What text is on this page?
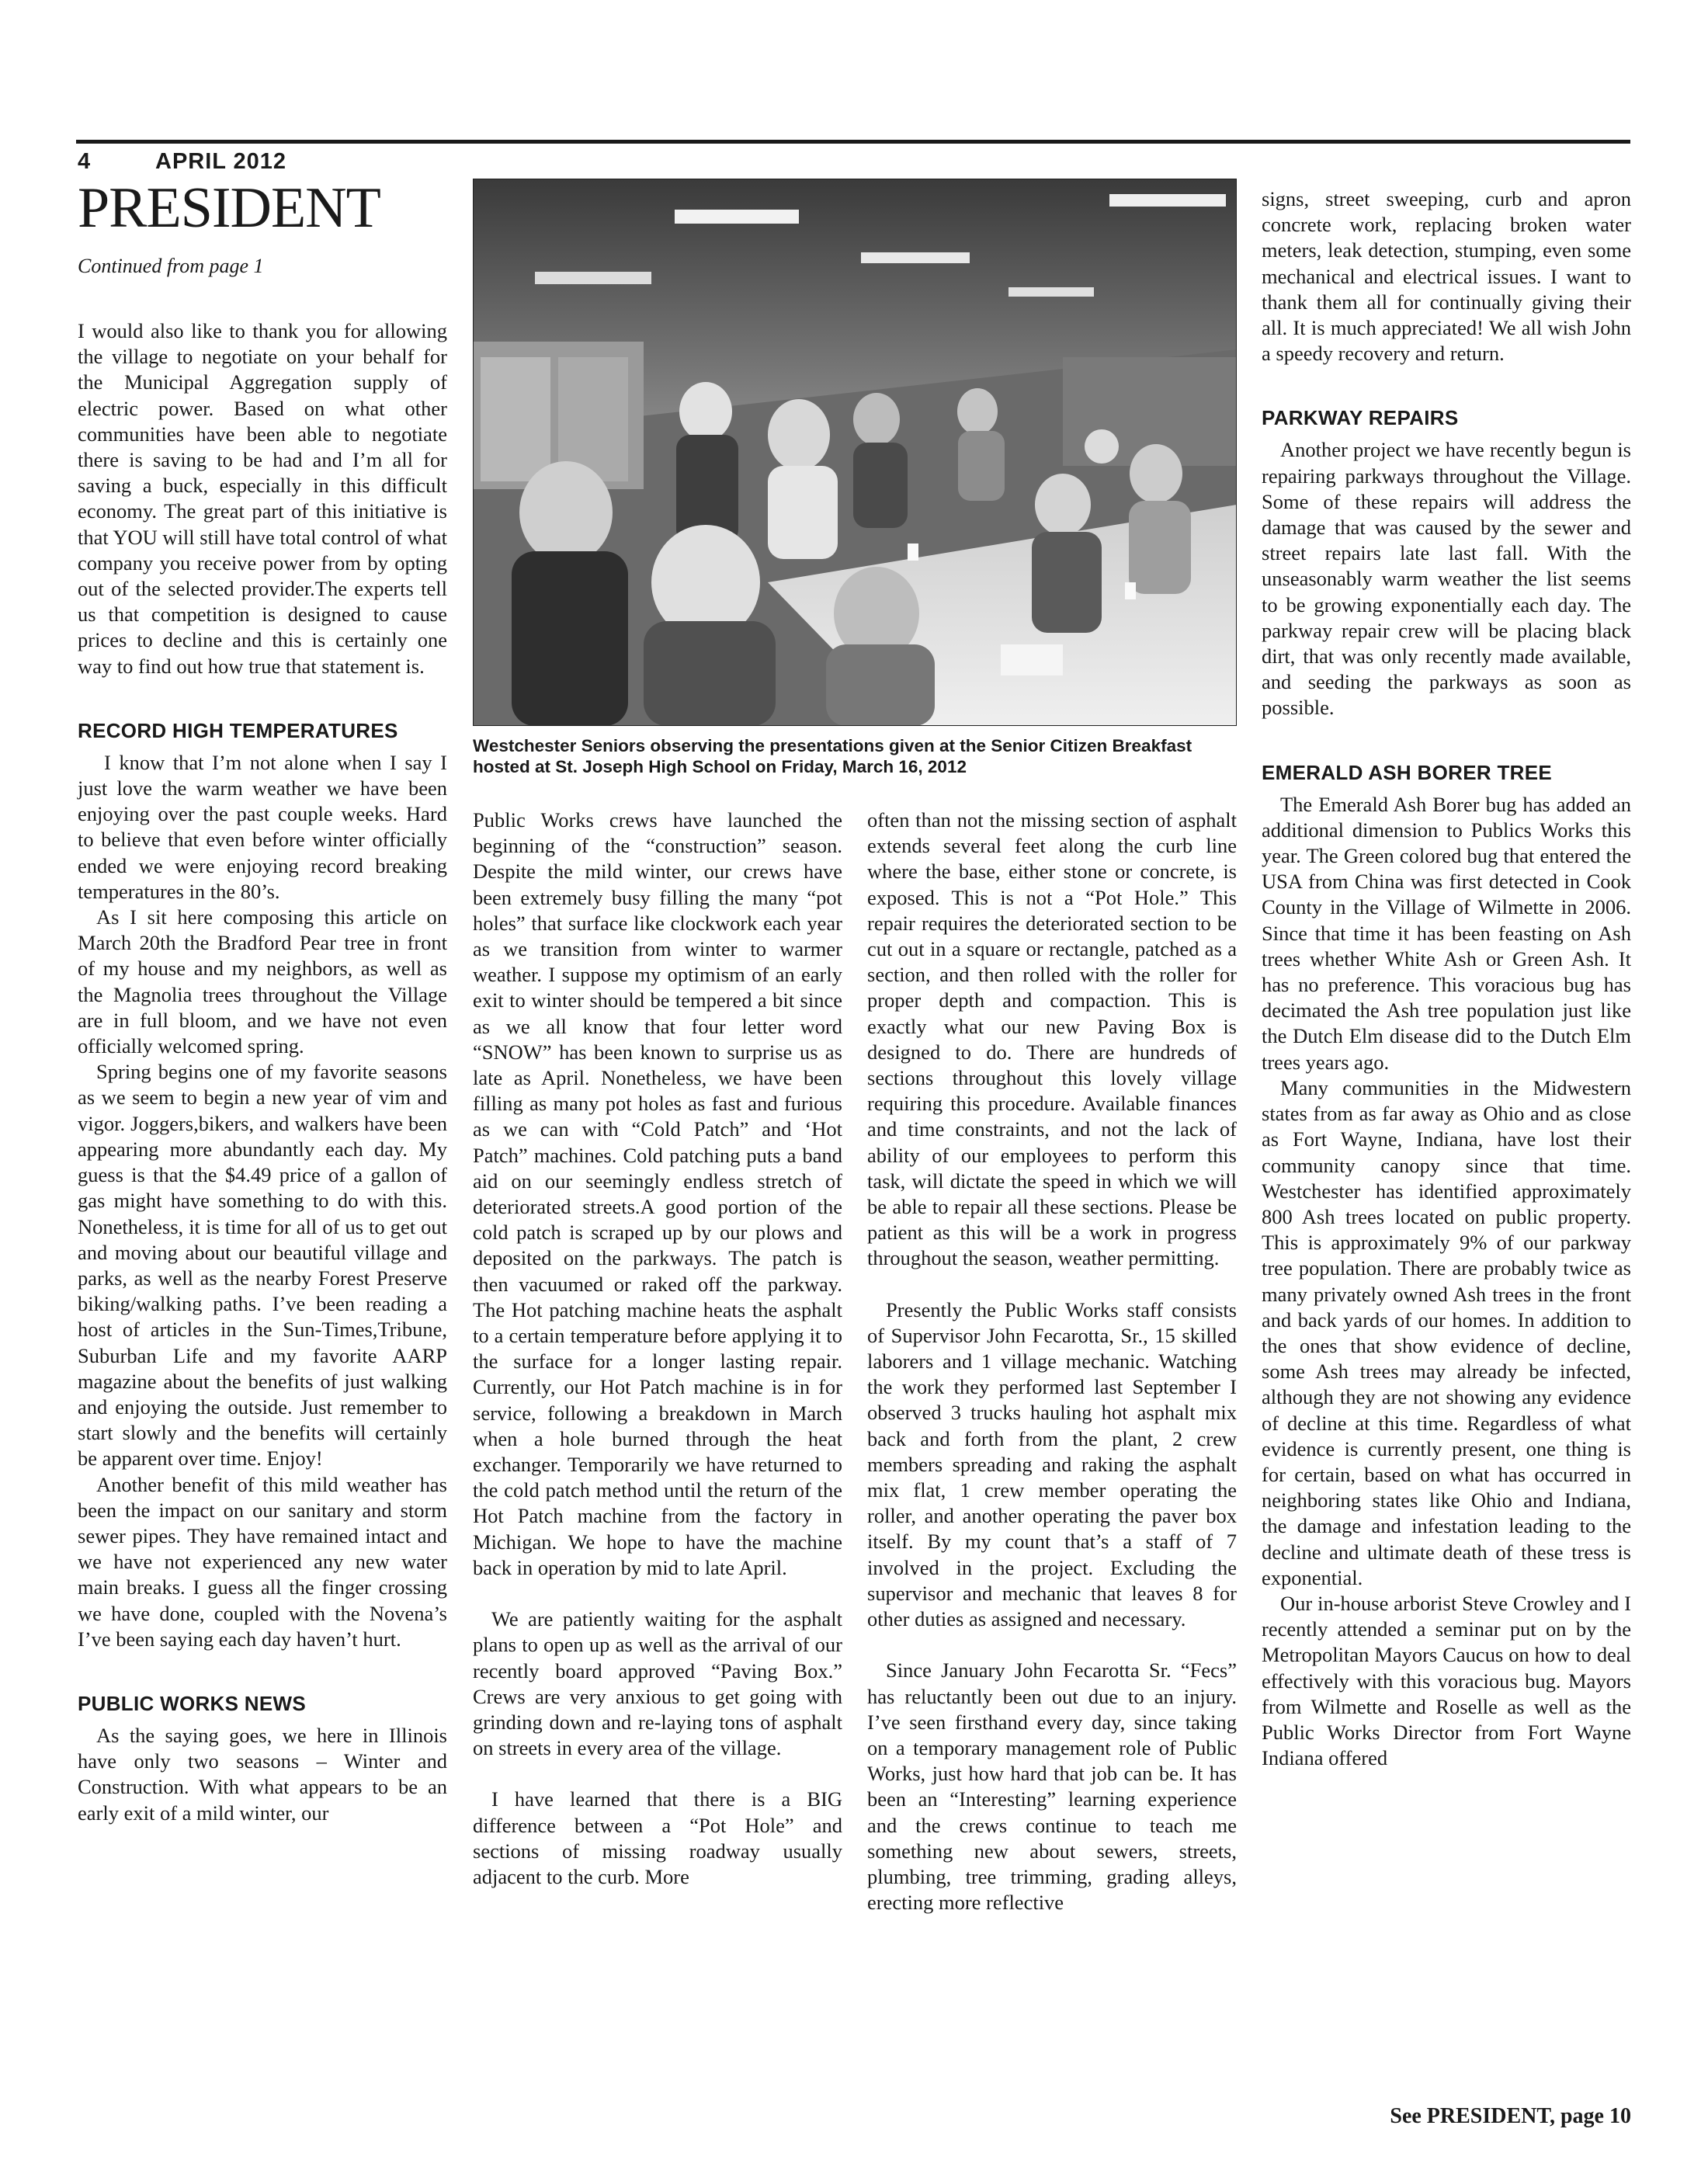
4	APRIL 2012
PRESIDENT
Continued from page 1

I would also like to thank you for allowing the village to negotiate on your behalf for the Municipal Aggregation supply of electric power. Based on what other communities have been able to negotiate there is saving to be had and I’m all for saving a buck, especially in this difficult economy. The great part of this initiative is that YOU will still have total control of what company you receive power from by opting out of the selected provider.The experts tell us that competition is designed to cause prices to decline and this is certainly one way to find out how true that statement is.

RECORD HIGH TEMPERATURES

I know that I’m not alone when I say I just love the warm weather we have been enjoying over the past couple weeks. Hard to believe that even before winter officially ended we were enjoying record breaking temperatures in the 80’s.

As I sit here composing this article on March 20th the Bradford Pear tree in front of my house and my neighbors, as well as the Magnolia trees throughout the Village are in full bloom, and we have not even officially welcomed spring.

Spring begins one of my favorite seasons as we seem to begin a new year of vim and vigor. Joggers,bikers, and walkers have been appearing more abundantly each day. My guess is that the $4.49 price of a gallon of gas might have something to do with this. Nonetheless, it is time for all of us to get out and moving about our beautiful village and parks, as well as the nearby Forest Preserve biking/walking paths. I’ve been reading a host of articles in the Sun-Times,Tribune, Suburban Life and my favorite AARP magazine about the benefits of just walking and enjoying the outside. Just remember to start slowly and the benefits will certainly be apparent over time. Enjoy!

Another benefit of this mild weather has been the impact on our sanitary and storm sewer pipes. They have remained intact and we have not experienced any new water main breaks. I guess all the finger crossing we have done, coupled with the Novena’s I’ve been saying each day haven’t hurt.

PUBLIC WORKS NEWS

As the saying goes, we here in Illinois have only two seasons – Winter and Construction. With what appears to be an early exit of a mild winter, our

Westchester Seniors observing the presentations given at the Senior Citizen Breakfast hosted at St. Joseph High School on Friday, March 16, 2012

Public Works crews have launched the beginning of the “construction” season. Despite the mild winter, our crews have been extremely busy filling the many “pot holes” that surface like clockwork each year as we transition from winter to warmer weather. I suppose my optimism of an early exit to winter should be tempered a bit since as we all know that four letter word “SNOW” has been known to surprise us as late as April. Nonetheless, we have been filling as many pot holes as fast and furious as we can with “Cold Patch” and ‘Hot Patch” machines. Cold patching puts a band aid on our seemingly endless stretch of deteriorated streets.A good portion of the cold patch is scraped up by our plows and deposited on the parkways. The patch is then vacuumed or raked off the parkway. The Hot patching machine heats the asphalt to a certain temperature before applying it to the surface for a longer lasting repair. Currently, our Hot Patch machine is in for service, following a breakdown in March when a hole burned through the heat exchanger. Temporarily we have returned to the cold patch method until the return of the Hot Patch machine from the factory in Michigan. We hope to have the machine back in operation by mid to late April.

We are patiently waiting for the asphalt plans to open up as well as the arrival of our recently board approved “Paving Box.” Crews are very anxious to get going with grinding down and re-laying tons of asphalt on streets in every area of the village.

I have learned that there is a BIG difference between a “Pot Hole” and sections of missing roadway usually adjacent to the curb. More

often than not the missing section of asphalt extends several feet along the curb line where the base, either stone or concrete, is exposed. This is not a “Pot Hole.” This repair requires the deteriorated section to be cut out in a square or rectangle, patched as a section, and then rolled with the roller for proper depth and compaction. This is exactly what our new Paving Box is designed to do. There are hundreds of sections throughout this lovely village requiring this procedure. Available finances and time constraints, and not the lack of ability of our employees to perform this task, will dictate the speed in which we will be able to repair all these sections. Please be patient as this will be a work in progress throughout the season, weather permitting.

Presently the Public Works staff consists of Supervisor John Fecarotta, Sr., 15 skilled laborers and 1 village mechanic. Watching the work they performed last September I observed 3 trucks hauling hot asphalt mix back and forth from the plant, 2 crew members spreading and raking the asphalt mix flat, 1 crew member operating the roller, and another operating the paver box itself. By my count that’s a staff of 7 involved in the project. Excluding the supervisor and mechanic that leaves 8 for other duties as assigned and necessary.

Since January John Fecarotta Sr. “Fecs” has reluctantly been out due to an injury. I’ve seen firsthand every day, since taking on a temporary management role of Public Works, just how hard that job can be. It has been an “Interesting” learning experience and the crews continue to teach me something new about sewers, streets, plumbing, tree trimming, grading alleys, erecting more reflective

signs, street sweeping, curb and apron concrete work, replacing broken water meters, leak detection, stumping, even some mechanical and electrical issues. I want to thank them all for continually giving their all. It is much appreciated! We all wish John a speedy recovery and return.

PARKWAY REPAIRS

Another project we have recently begun is repairing parkways throughout the Village. Some of these repairs will address the damage that was caused by the sewer and street repairs late last fall. With the unseasonably warm weather the list seems to be growing exponentially each day. The parkway repair crew will be placing black dirt, that was only recently made available, and seeding the parkways as soon as possible.

EMERALD ASH BORER TREE

The Emerald Ash Borer bug has added an additional dimension to Publics Works this year. The Green colored bug that entered the USA from China was first detected in Cook County in the Village of Wilmette in 2006. Since that time it has been feasting on Ash trees whether White Ash or Green Ash. It has no preference. This voracious bug has decimated the Ash tree population just like the Dutch Elm disease did to the Dutch Elm trees years ago.

Many communities in the Midwestern states from as far away as Ohio and as close as Fort Wayne, Indiana, have lost their community canopy since that time. Westchester has identified approximately 800 Ash trees located on public property. This is approximately 9% of our parkway tree population. There are probably twice as many privately owned Ash trees in the front and back yards of our homes. In addition to the ones that show evidence of decline, some Ash trees may already be infected, although they are not showing any evidence of decline at this time. Regardless of what evidence is currently present, one thing is for certain, based on what has occurred in neighboring states like Ohio and Indiana, the damage and infestation leading to the decline and ultimate death of these tress is exponential.

Our in-house arborist Steve Crowley and I recently attended a seminar put on by the Metropolitan Mayors Caucus on how to deal effectively with this voracious bug. Mayors from Wilmette and Roselle as well as the Public Works Director from Fort Wayne Indiana offered

See PRESIDENT, page 10
